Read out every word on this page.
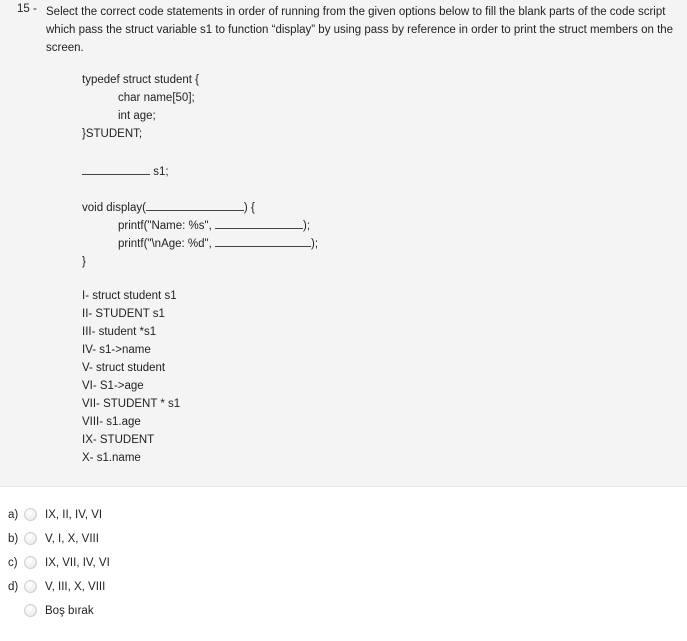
15 - Select the correct code statements in order of running from the given options below to fill the blank parts of the code script which pass the struct variable s1 to function “display” by using pass by reference in order to print the struct members on the screen.
typedef struct student {
char name[50];
int age;
}STUDENT;
s1;
void display(	) {
printf("Name: %s",	);
printf("\nAge: %d",	);
}
I- struct student s1
II- STUDENT s1
III- student *s1
IV- s1->name
V- struct student
VI- S1->age
VII- STUDENT * s1
VIII- s1.age
IX- STUDENT
X- s1.name
a)	IX, II, IV, VI
b)	V, I, X, VIII
c)	IX, VII, IV, VI
d)	V, III, X, VIII
Boş bırak
